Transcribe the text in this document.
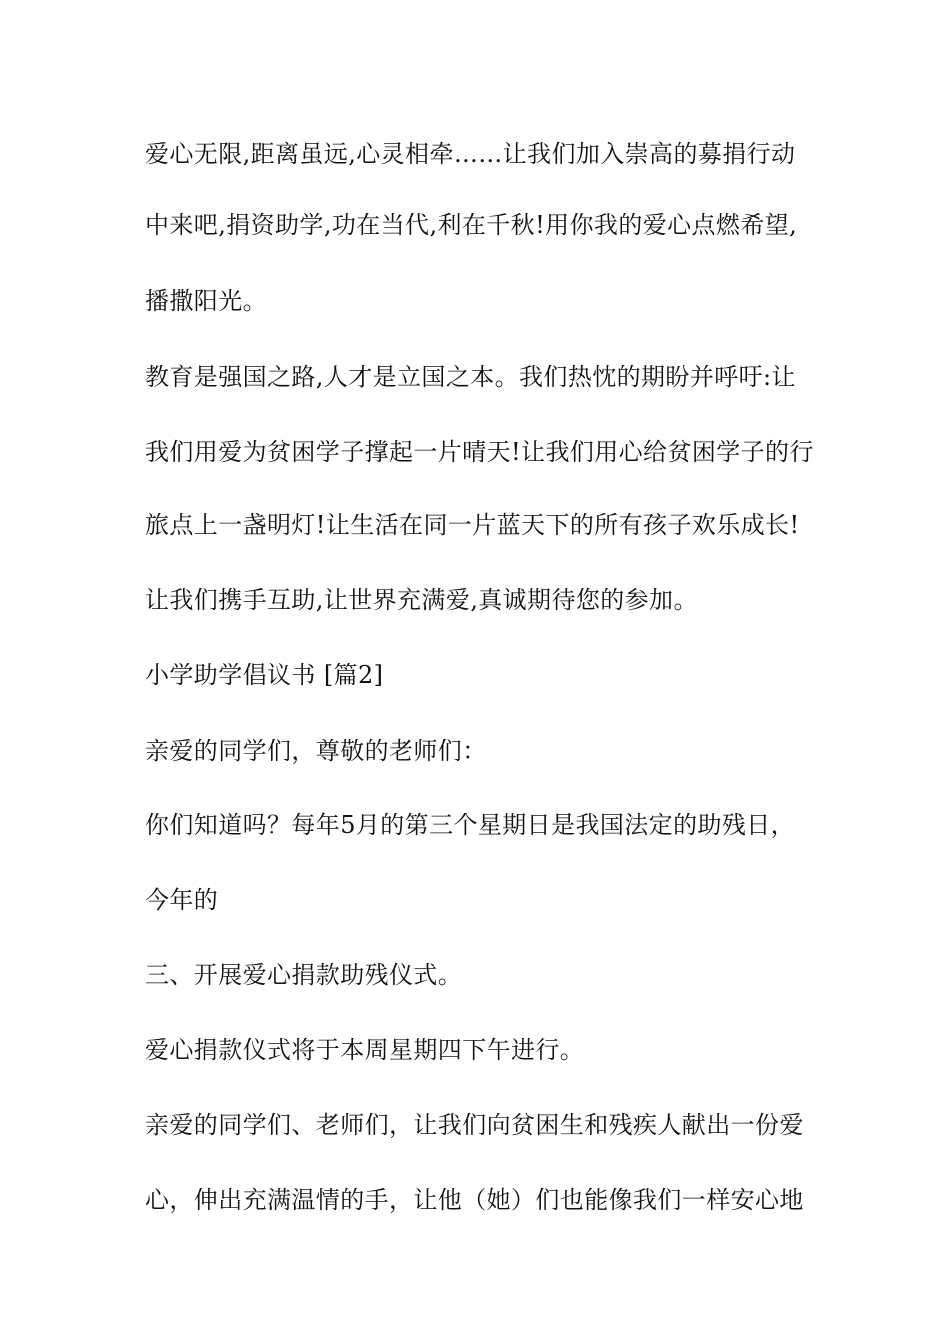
爱心无限,距离虽远,心灵相牵……让我们加入崇高的募捐行动
中来吧,捐资助学,功在当代,利在千秋!用你我的爱心点燃希望,
播撒阳光。
教育是强国之路,人才是立国之本。我们热忱的期盼并呼吁:让
我们用爱为贫困学子撑起一片晴天!让我们用心给贫困学子的行
旅点上一盏明灯!让生活在同一片蓝天下的所有孩子欢乐成长!
让我们携手互助,让世界充满爱,真诚期待您的参加。
小学助学倡议书 [篇2]
亲爱的同学们，尊敬的老师们：
你们知道吗？每年5月的第三个星期日是我国法定的助残日，
今年的
三、开展爱心捐款助残仪式。
爱心捐款仪式将于本周星期四下午进行。
亲爱的同学们、老师们，让我们向贫困生和残疾人献出一份爱
心，伸出充满温情的手，让他（她）们也能像我们一样安心地
